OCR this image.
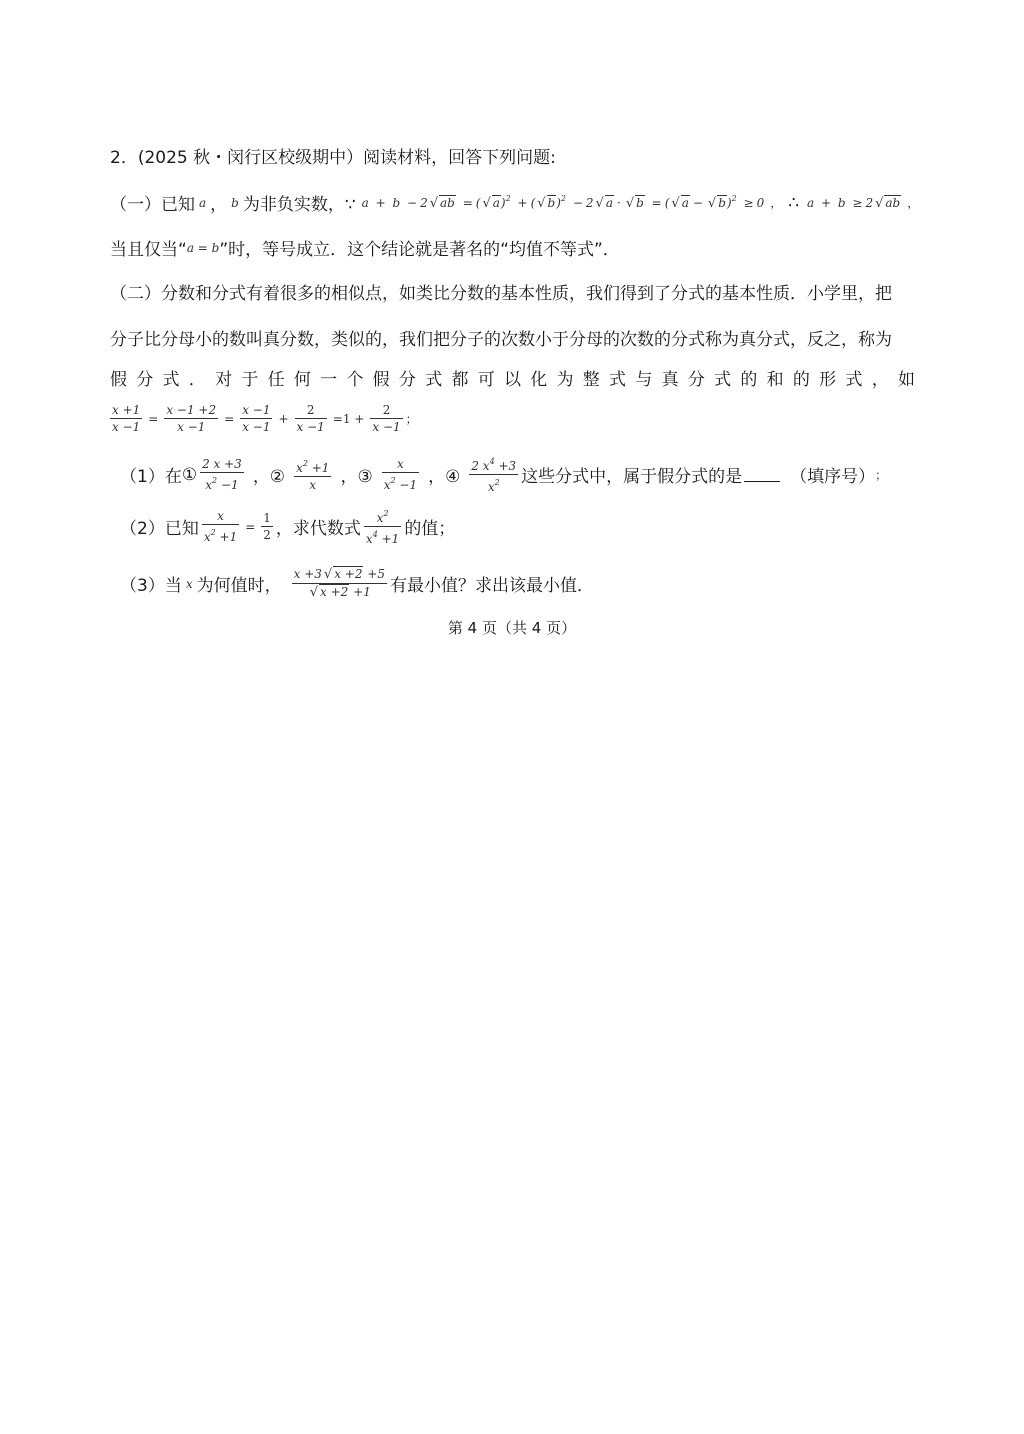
2．(2025 秋・闵行区校级期中）阅读材料，回答下列问题:
（一）已知 a ， b 为非负实数，∵ a + b − 2 √ ab = ( √ a)$^2$ + ( √ b)$^2$ − 2 √ a · √ b = ( √ a − √ b)$^2$ ≥ 0 ， ∴ a + b ≥ 2 √ ab ，
当且仅当“ a = b ”时，等号成立．这个结论就是著名的“均值不等式”．
（二）分数和分式有着很多的相似点，如类比分数的基本性质，我们得到了分式的基本性质．小学里，把
分子比分母小的数叫真分数，类似的，我们把分子的次数小于分母的次数的分式称为真分式，反之，称为
假 分 式 ． 对 于 任 何 一 个 假 分 式 都 可 以 化 为 整 式 与 真 分 式 的 和 的 形 式 ， 如
$\frac{x +1}{x -1} = \frac{x -1 +2}{x -1} = \frac{x -1}{x -1} + \frac{2}{x -1} =1 + \frac{2}{x -1}$ ；
（1）在 ① $\frac{2 x +3}{x^2 -1}$ ，② $\frac{x^2 +1}{x}$ ，③ $\frac{x}{x^2 -1}$ ，④ $\frac{2 x^4 +3}{x^2}$ 这些分式中，属于假分式的是	（填序号） ；
（2）已知 $\frac{x}{x^2 +1} = \frac{1}{2}$ ，求代数式 $\frac{x^2}{x^4 +1}$ 的值；
（3）当 x 为何值时， $\frac{x +3 √ x +2 +5}{√ x +2 +1}$ 有最小值？求出该最小值．
第 4 页（共 4 页）
